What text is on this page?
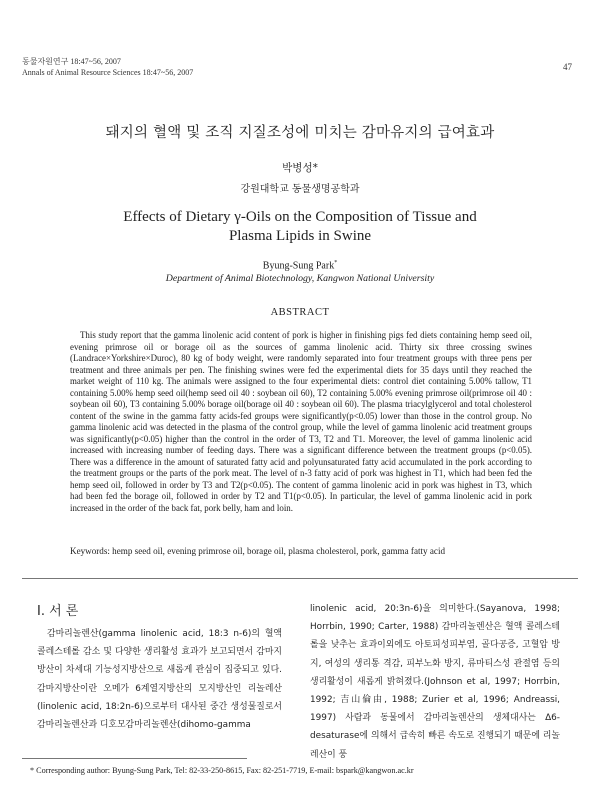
동물자원연구 18:47~56, 2007
Annals of Animal Resource Sciences 18:47~56, 2007
47
돼지의 혈액 및 조직 지질조성에 미치는 감마유지의 급여효과
박병성*
강원대학교 동물생명공학과
Effects of Dietary γ-Oils on the Composition of Tissue and
Plasma Lipids in Swine
Byung-Sung Park*
Department of Animal Biotechnology, Kangwon National University
ABSTRACT

This study report that the gamma linolenic acid content of pork is higher in finishing pigs fed diets containing hemp seed oil, evening primrose oil or borage oil as the sources of gamma linolenic acid. Thirty six three crossing swines (Landrace×Yorkshire×Duroc), 80 kg of body weight, were randomly separated into four treatment groups with three pens per treatment and three animals per pen. The finishing swines were fed the experimental diets for 35 days until they reached the market weight of 110 kg. The animals were assigned to the four experimental diets: control diet containing 5.00% tallow, T1 containing 5.00% hemp seed oil(hemp seed oil 40 : soybean oil 60), T2 containing 5.00% evening primrose oil(primrose oil 40 : soybean oil 60), T3 containing 5.00% borage oil(borage oil 40 : soybean oil 60). The plasma triacylglycerol and total cholesterol content of the swine in the gamma fatty acids-fed groups were significantly(p<0.05) lower than those in the control group. No gamma linolenic acid was detected in the plasma of the control group, while the level of gamma linolenic acid treatment groups was significantly(p<0.05) higher than the control in the order of T3, T2 and T1. Moreover, the level of gamma linolenic acid increased with increasing number of feeding days. There was a significant difference between the treatment groups (p<0.05). There was a difference in the amount of saturated fatty acid and polyunsaturated fatty acid accumulated in the pork according to the treatment groups or the parts of the pork meat. The level of n-3 fatty acid of pork was highest in T1, which had been fed the hemp seed oil, followed in order by T3 and T2(p<0.05). The content of gamma linolenic acid in pork was highest in T3, which had been fed the borage oil, followed in order by T2 and T1(p<0.05). In particular, the level of gamma linolenic acid in pork increased in the order of the back fat, pork belly, ham and loin.

Keywords: hemp seed oil, evening primrose oil, borage oil, plasma cholesterol, pork, gamma fatty acid

Ⅰ. 서 론

감마리놀렌산(gamma linolenic acid, 18:3 n-6)의 혈액 콜레스테롤 감소 및 다양한 생리활성 효과가 보고되면서 감마지방산이 차세대 기능성지방산으로 새롭게 관심이 집중되고 있다. 감마지방산이란 오메가 6계열지방산의 모지방산인 리놀레산(linolenic acid, 18:2n-6)으로부터 대사된 중간 생성물질로서 감마리놀렌산과 디호모감마리놀렌산(dihomo-gamma

linolenic acid, 20:3n-6)을 의미한다.(Sayanova, 1998; Horrbin, 1990; Carter, 1988) 감마리놀렌산은 혈액 콜레스테롤을 낮추는 효과이외에도 아토피성피부염, 골다공증, 고혈압 방지, 여성의 생리통 격감, 피부노화 방지, 류마티스성 관절염 등의 생리활성이 새롭게 밝혀졌다.(Johnson et al, 1997; Horrbin, 1992; 吉山倫由, 1988; Zurier et al, 1996; Andreassi, 1997) 사람과 동물에서 감마리놀렌산의 생체대사는 Δ6-desaturase에 의해서 급속히 빠른 속도로 진행되기 때문에 리놀레산이 풍

* Corresponding author: Byung-Sung Park, Tel: 82-33-250-8615, Fax: 82-251-7719, E-mail: bspark@kangwon.ac.kr
